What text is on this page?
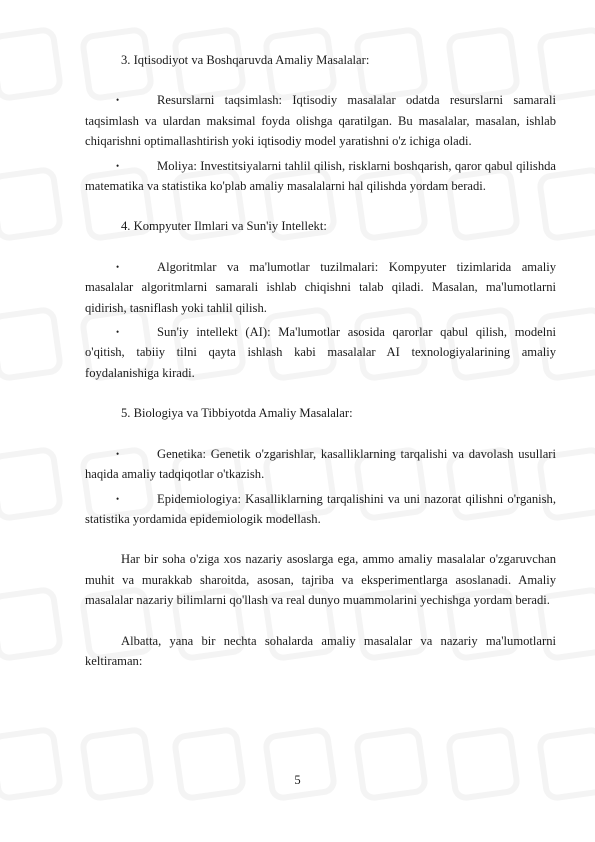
3. Iqtisodiyot va Boshqaruvda Amaliy Masalalar:

•	Resurslarni taqsimlash: Iqtisodiy masalalar odatda resurslarni samarali taqsimlash va ulardan maksimal foyda olishga qaratilgan. Bu masalalar, masalan, ishlab chiqarishni optimallashtirish yoki iqtisodiy model yaratishni o'z ichiga oladi.

•	Moliya: Investitsiyalarni tahlil qilish, risklarni boshqarish, qaror qabul qilishda matematika va statistika ko'plab amaliy masalalarni hal qilishda yordam beradi.

4. Kompyuter Ilmlari va Sun'iy Intellekt:

•	Algoritmlar va ma'lumotlar tuzilmalari: Kompyuter tizimlarida amaliy masalalar algoritmlarni samarali ishlab chiqishni talab qiladi. Masalan, ma'lumotlarni qidirish, tasniflash yoki tahlil qilish.

•	Sun'iy intellekt (AI): Ma'lumotlar asosida qarorlar qabul qilish, modelni o'qitish, tabiiy tilni qayta ishlash kabi masalalar AI texnologiyalarining amaliy foydalanishiga kiradi.

5. Biologiya va Tibbiyotda Amaliy Masalalar:

•	Genetika: Genetik o'zgarishlar, kasalliklarning tarqalishi va davolash usullari haqida amaliy tadqiqotlar o'tkazish.

•	Epidemiologiya: Kasalliklarning tarqalishini va uni nazorat qilishni o'rganish, statistika yordamida epidemiologik modellash.

Har bir soha o'ziga xos nazariy asoslarga ega, ammo amaliy masalalar o'zgaruvchan muhit va murakkab sharoitda, asosan, tajriba va eksperimentlarga asoslanadi. Amaliy masalalar nazariy bilimlarni qo'llash va real dunyo muammolarini yechishga yordam beradi.

Albatta, yana bir nechta sohalarda amaliy masalalar va nazariy ma'lumotlarni keltiraman:

5
